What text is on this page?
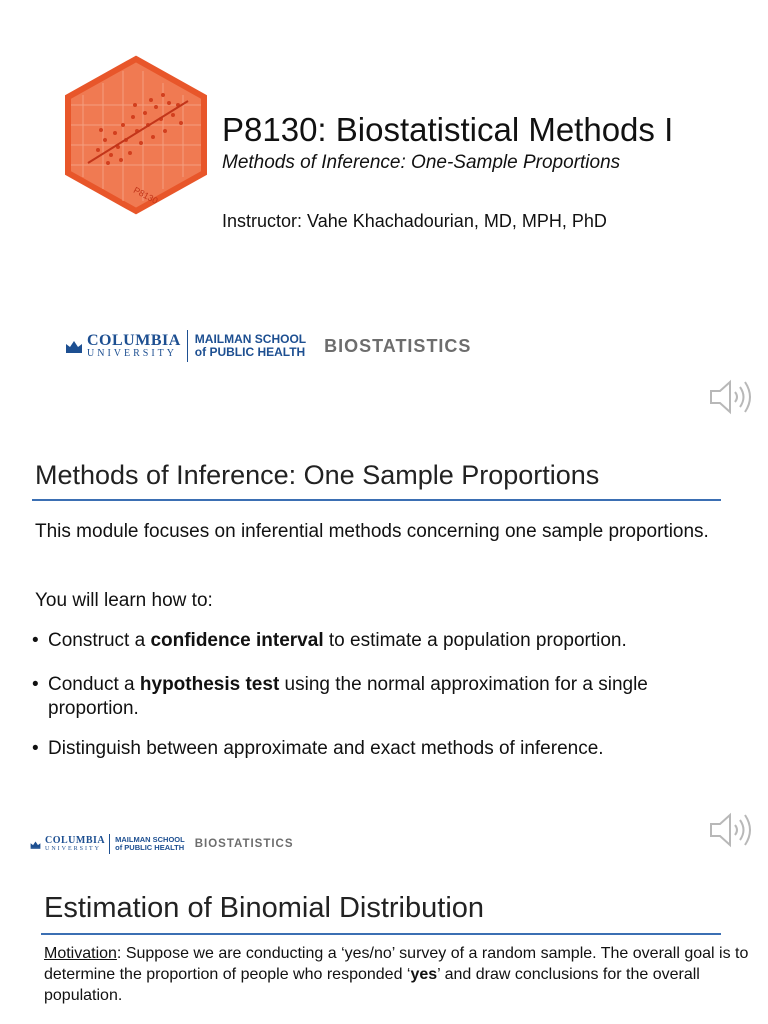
P8130
P8130: Biostatistical Methods I
Methods of Inference: One-Sample Proportions
Instructor: Vahe Khachadourian, MD, MPH, PhD
COLUMBIA
UNIVERSITY
MAILMAN SCHOOL
of PUBLIC HEALTH BIOSTATISTICS
Methods of Inference: One Sample Proportions
This module focuses on inferential methods concerning one sample proportions.
You will learn how to:
• Construct a confidence interval to estimate a population proportion.
• Conduct a hypothesis test using the normal approximation for a single proportion.
• Distinguish between approximate and exact methods of inference.
COLUMBIA
UNIVERSITY
MAILMAN SCHOOL
of PUBLIC HEALTH BIOSTATISTICS
Estimation of Binomial Distribution
Motivation: Suppose we are conducting a ‘yes/no’ survey of a random sample. The overall goal is to determine the proportion of people who responded ‘yes’ and draw conclusions for the overall population.
